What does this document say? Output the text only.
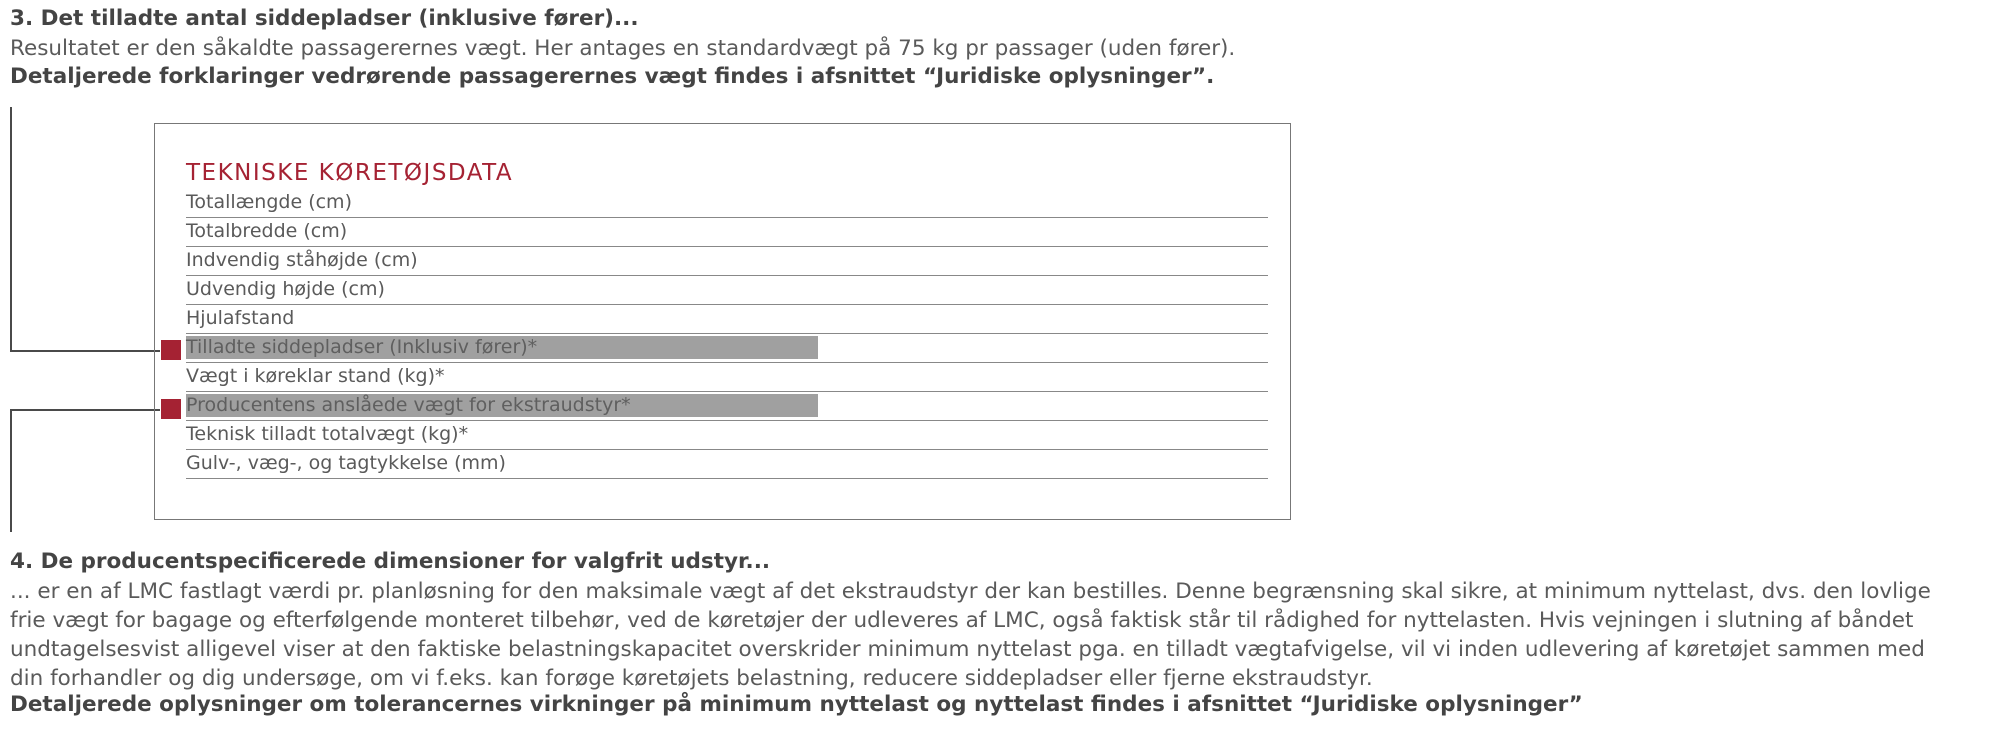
3. Det tilladte antal siddepladser (inklusive fører)...
Resultatet er den såkaldte passagerernes vægt. Her antages en standardvægt på 75 kg pr passager (uden fører).
Detaljerede forklaringer vedrørende passagerernes vægt findes i afsnittet “Juridiske oplysninger”.
TEKNISKE KØRETØJSDATA
Totallængde (cm)
Totalbredde (cm)
Indvendig ståhøjde (cm)
Udvendig højde (cm)
Hjulafstand
Tilladte siddepladser (Inklusiv fører)*
Vægt i køreklar stand (kg)*
Producentens anslåede vægt for ekstraudstyr*
Teknisk tilladt totalvægt (kg)*
Gulv-, væg-, og tagtykkelse (mm)
4. De producentspecificerede dimensioner for valgfrit udstyr...
... er en af LMC fastlagt værdi pr. planløsning for den maksimale vægt af det ekstraudstyr der kan bestilles. Denne begrænsning skal sikre, at minimum nyttelast, dvs. den lovlige
frie vægt for bagage og efterfølgende monteret tilbehør, ved de køretøjer der udleveres af LMC, også faktisk står til rådighed for nyttelasten. Hvis vejningen i slutning af båndet
undtagelsesvist alligevel viser at den faktiske belastningskapacitet overskrider minimum nyttelast pga. en tilladt vægtafvigelse, vil vi inden udlevering af køretøjet sammen med
din forhandler og dig undersøge, om vi f.eks. kan forøge køretøjets belastning, reducere siddepladser eller fjerne ekstraudstyr.
Detaljerede oplysninger om tolerancernes virkninger på minimum nyttelast og nyttelast findes i afsnittet “Juridiske oplysninger”
